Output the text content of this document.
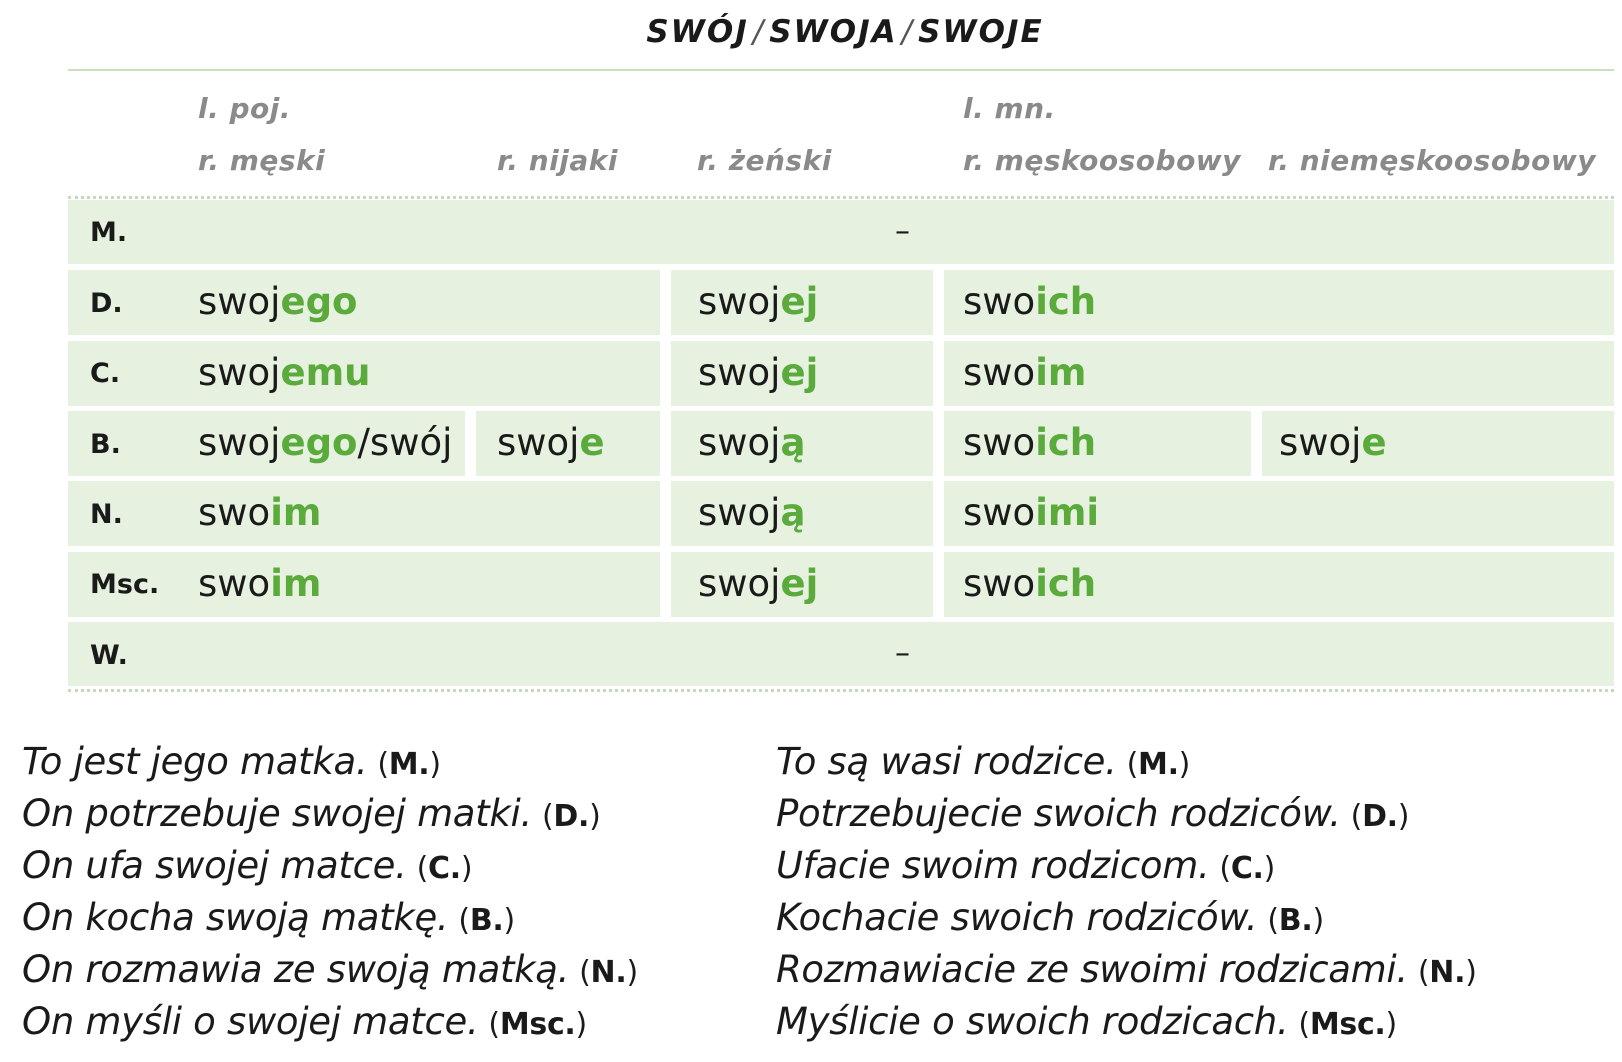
SWÓJ / SWOJA / SWOJE
l. poj.	l. mn.
r. męski	r. nijaki	r. żeński	r. męskoosobowy r. niemęskoosobowy
M.	–
D. swojego	swojej	swoich
C. swojemu	swojej	swoim
B. swojego/swój swoje	swoją	swoich	swoje
N. swoim	swoją	swoimi
Msc. swoim	swojej	swoich
W.	–
To jest jego matka. (M.)
On potrzebuje swojej matki. (D.)
On ufa swojej matce. (C.)
On kocha swoją matkę. (B.)
On rozmawia ze swoją matką. (N.)
On myśli o swojej matce. (Msc.)
To są wasi rodzice. (M.)
Potrzebujecie swoich rodziców. (D.)
Ufacie swoim rodzicom. (C.)
Kochacie swoich rodziców. (B.)
Rozmawiacie ze swoimi rodzicami. (N.)
Myślicie o swoich rodzicach. (Msc.)
